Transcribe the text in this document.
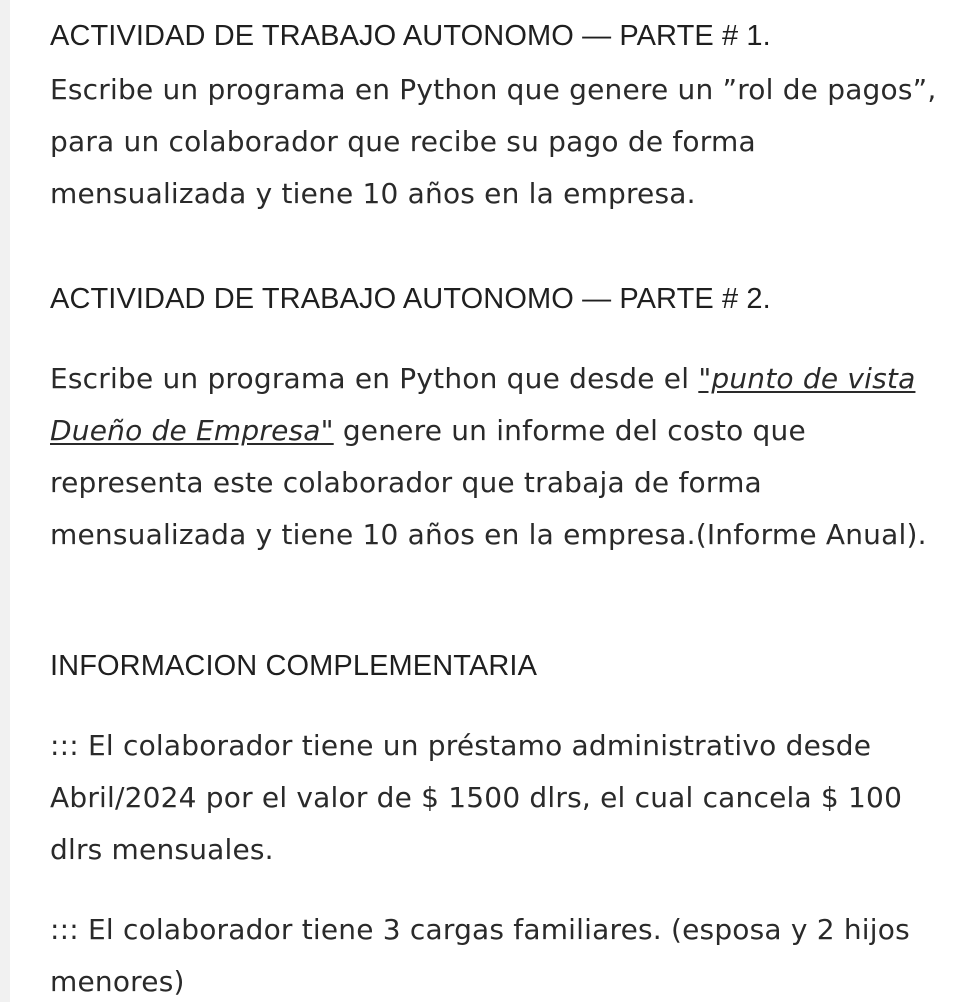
ACTIVIDAD DE TRABAJO AUTONOMO — PARTE # 1.

Escribe un programa en Python que genere un ”rol de pagos”, para un colaborador que recibe su pago de forma mensualizada y tiene 10 años en la empresa.

ACTIVIDAD DE TRABAJO AUTONOMO — PARTE # 2.

Escribe un programa en Python que desde el "punto de vista Dueño de Empresa" genere un informe del costo que representa este colaborador que trabaja de forma mensualizada y tiene 10 años en la empresa.(Informe Anual).

INFORMACION COMPLEMENTARIA

::: El colaborador tiene un préstamo administrativo desde Abril/2024 por el valor de $ 1500 dlrs, el cual cancela $ 100 dlrs mensuales.

::: El colaborador tiene 3 cargas familiares. (esposa y 2 hijos menores)
